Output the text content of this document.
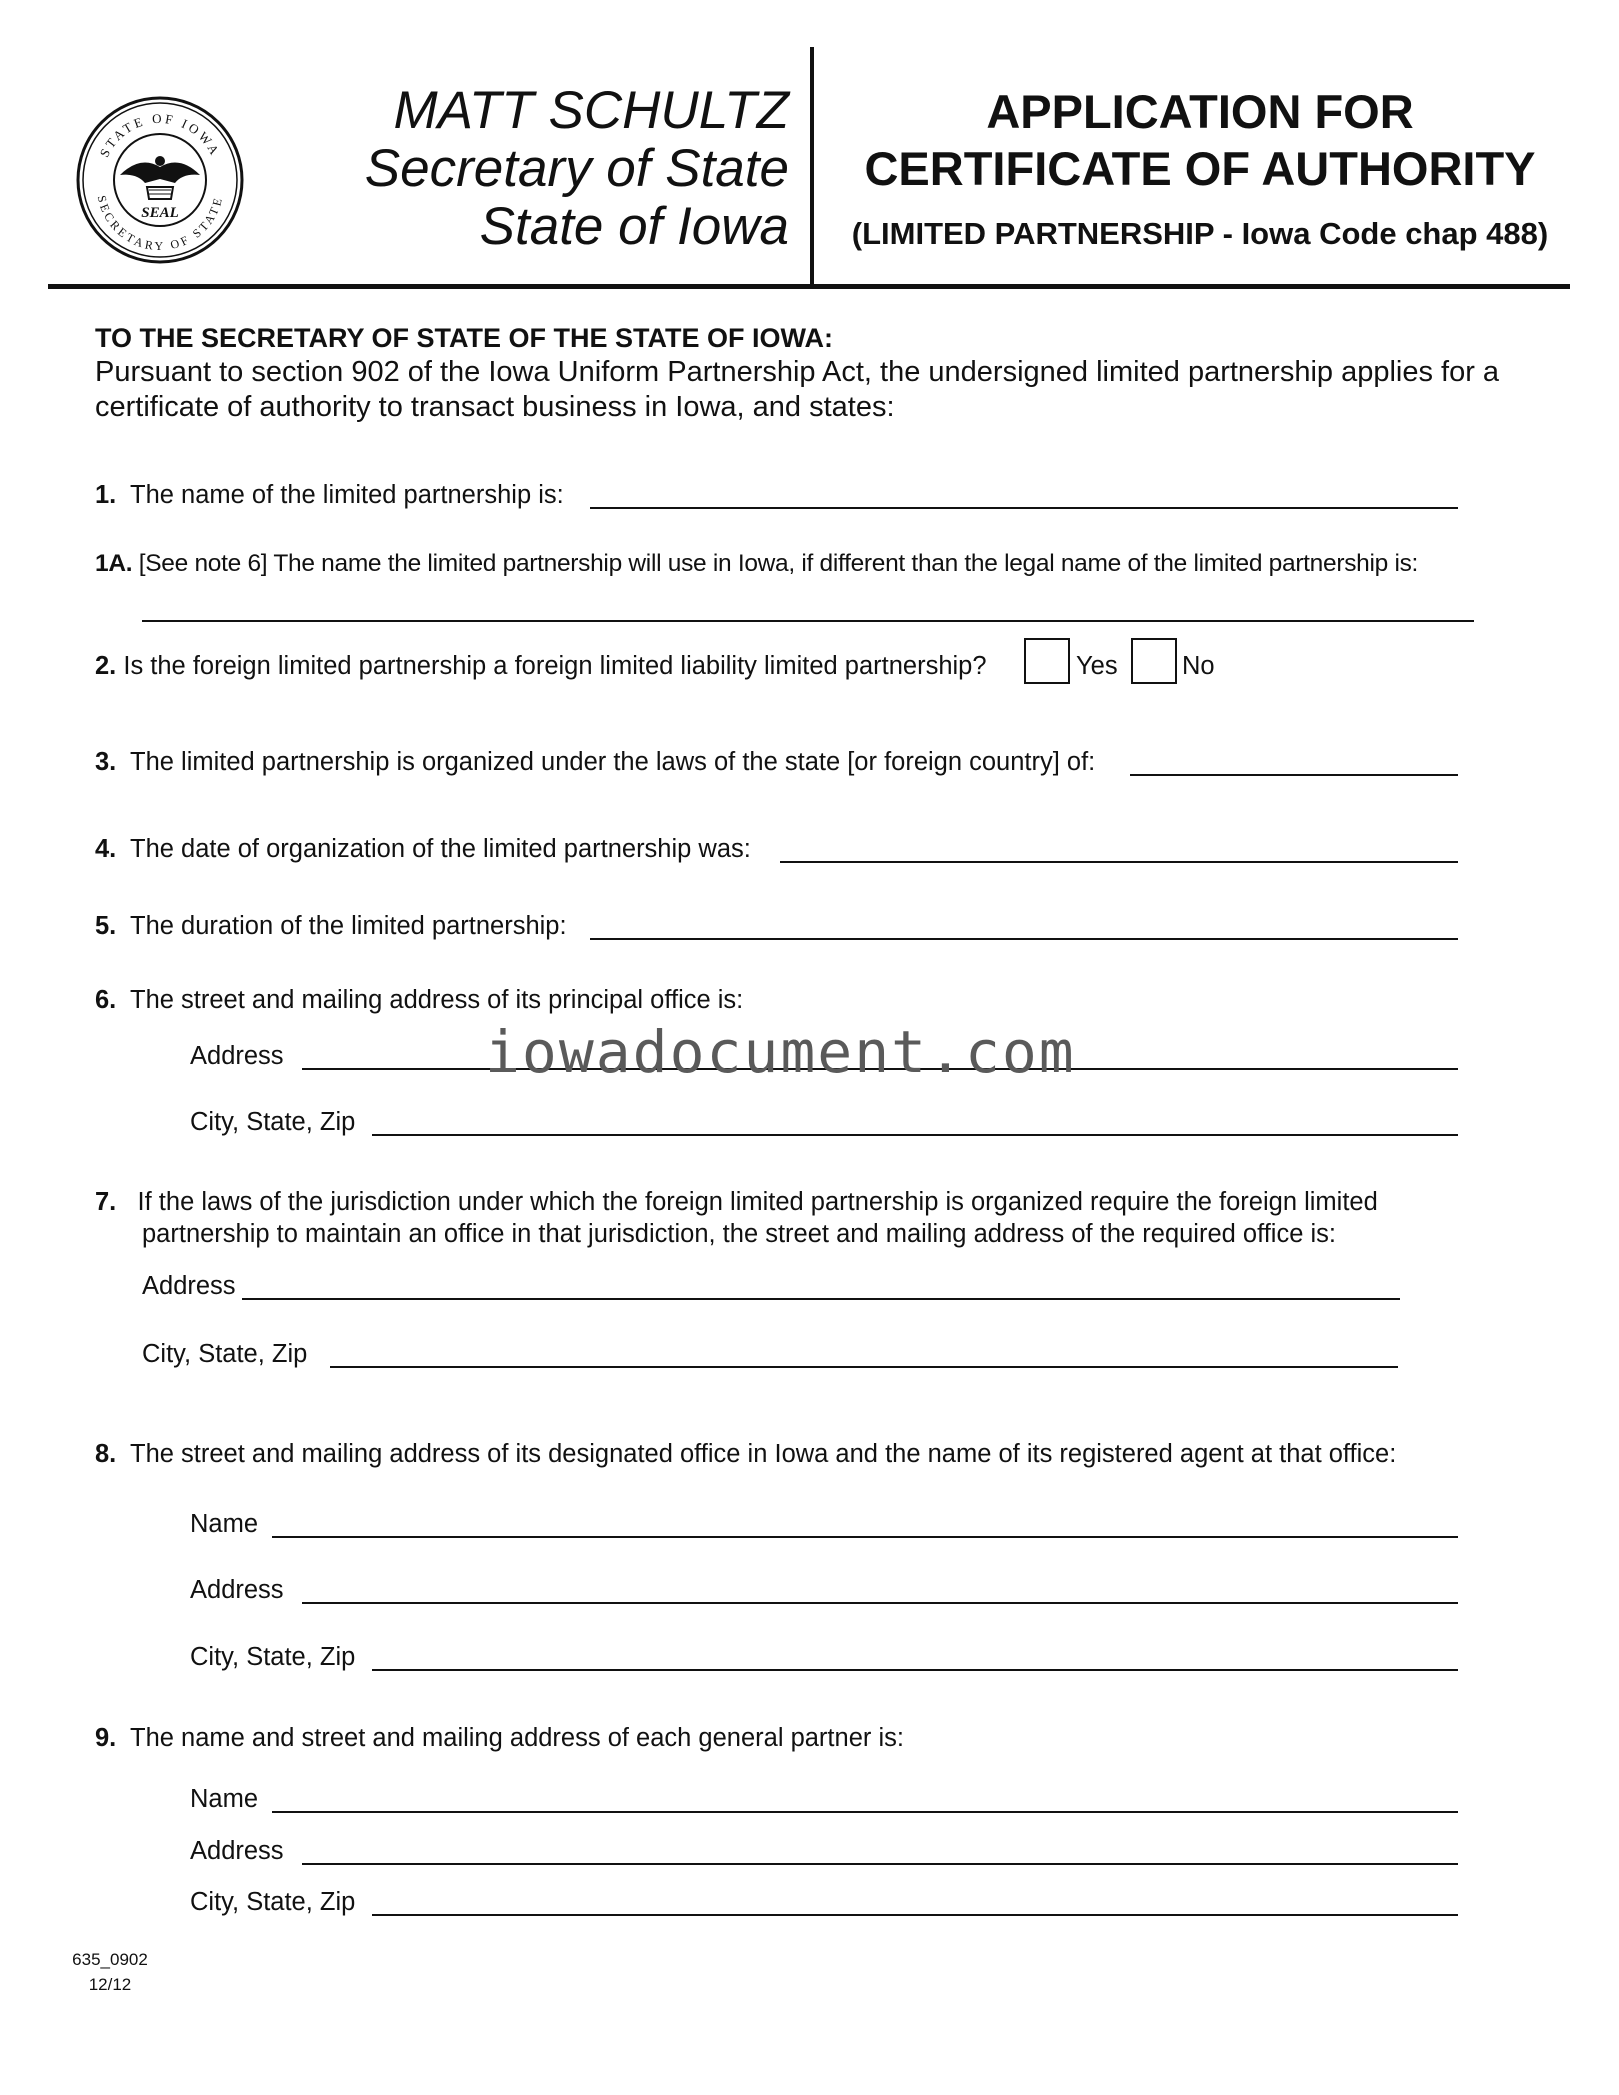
STATE OF IOWA
SECRETARY OF STATE
SEAL
MATT SCHULTZ
Secretary of State
State of Iowa
APPLICATION FOR
CERTIFICATE OF AUTHORITY
(LIMITED PARTNERSHIP - Iowa Code chap 488)
TO THE SECRETARY OF STATE OF THE STATE OF IOWA:
Pursuant to section 902 of the Iowa Uniform Partnership Act, the undersigned limited partnership applies for a
certificate of authority to transact business in Iowa, and states:
1. The name of the limited partnership is:
1A. [See note 6] The name the limited partnership will use in Iowa, if different than the legal name of the limited partnership is:
2. Is the foreign limited partnership a foreign limited liability limited partnership?	Yes	No
3. The limited partnership is organized under the laws of the state [or foreign country] of:
4. The date of organization of the limited partnership was:
5. The duration of the limited partnership:
6. The street and mailing address of its principal office is:
Address
City, State, Zip
7. If the laws of the jurisdiction under which the foreign limited partnership is organized require the foreign limited
partnership to maintain an office in that jurisdiction, the street and mailing address of the required office is:
Address
City, State, Zip
8. The street and mailing address of its designated office in Iowa and the name of its registered agent at that office:
Name
Address
City, State, Zip
9. The name and street and mailing address of each general partner is:
Name
Address
City, State, Zip
635_0902
12/12
iowadocument.com
